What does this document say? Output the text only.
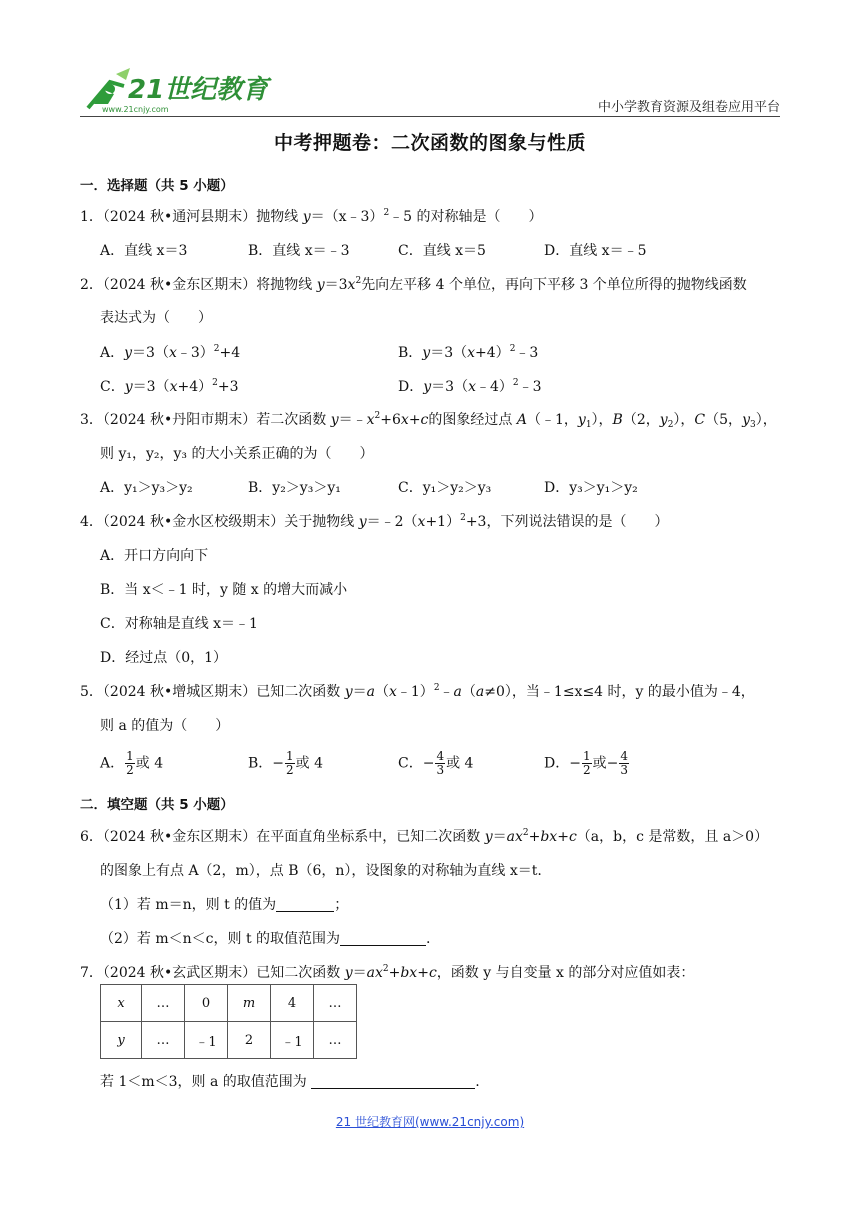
21世纪教育
www.21cnjy.com	中小学教育资源及组卷应用平台
中考押题卷：二次函数的图象与性质
一．选择题（共 5 小题）
1．（2024 秋•通河县期末）抛物线 y＝（x﹣3）$^2$﹣5 的对称轴是（　　）
A．直线 x＝3	B．直线 x＝﹣3	C．直线 x＝5	D．直线 x＝﹣5
2．（2024 秋•金东区期末）将抛物线 $y=3x^2$先向左平移 4 个单位，再向下平移 3 个单位所得的抛物线函数
表达式为（　　）
A．y＝3（x﹣3）$^2$+4	B．$y=3(x+4)^2﹣3$
C．$y=3(x+4)^2+3$	D．y＝3（x﹣4）$^2$﹣3
3．（2024 秋•丹阳市期末）若二次函数 $y=﹣x^2+6x+c$的图象经过点 A（﹣1，$y_1$），B（2，$y_2$），C（5，$y_3$），
则 y₁，y₂，y₃ 的大小关系正确的为（　　）
A．y₁＞y₃＞y₂	B．y₂＞y₃＞y₁	C．y₁＞y₂＞y₃	D．y₃＞y₁＞y₂
4．（2024 秋•金水区校级期末）关于抛物线 $y=﹣2(x+1)^2+3$，下列说法错误的是（　　）
A．开口方向向下
B．当 x＜﹣1 时，y 随 x 的增大而减小
C．对称轴是直线 x＝﹣1
D．经过点（0，1）
5．（2024 秋•增城区期末）已知二次函数 y＝a（x﹣1）$^2$﹣a（a≠0），当﹣1≤x≤4 时，y 的最小值为﹣4，
则 a 的值为（　　）
A． $\frac{1}{2}$ 或 4	B．− $\frac{1}{2}$ 或 4	C．− $\frac{4}{3}$ 或 4	D．− $\frac{1}{2}$ 或− $\frac{4}{3}$
二．填空题（共 5 小题）
6．（2024 秋•金东区期末）在平面直角坐标系中，已知二次函数 $y=ax^2+bx+c(a$，b，c 是常数，且 a＞0）
的图象上有点 A（2，m），点 B（6，n），设图象的对称轴为直线 x＝t.
（1）若 m＝n，则 t 的值为	；
（2）若 m＜n＜c，则 t 的取值范围为	.
7．（2024 秋•玄武区期末）已知二次函数 $y=ax^2+bx+c$，函数 y 与自变量 x 的部分对应值如表：
x	…	0	m	4	…
y	…	﹣1	2	﹣1	…
若 1＜m＜3，则 a 的取值范围为	.
21 世纪教育网(www.21cnjy.com)
